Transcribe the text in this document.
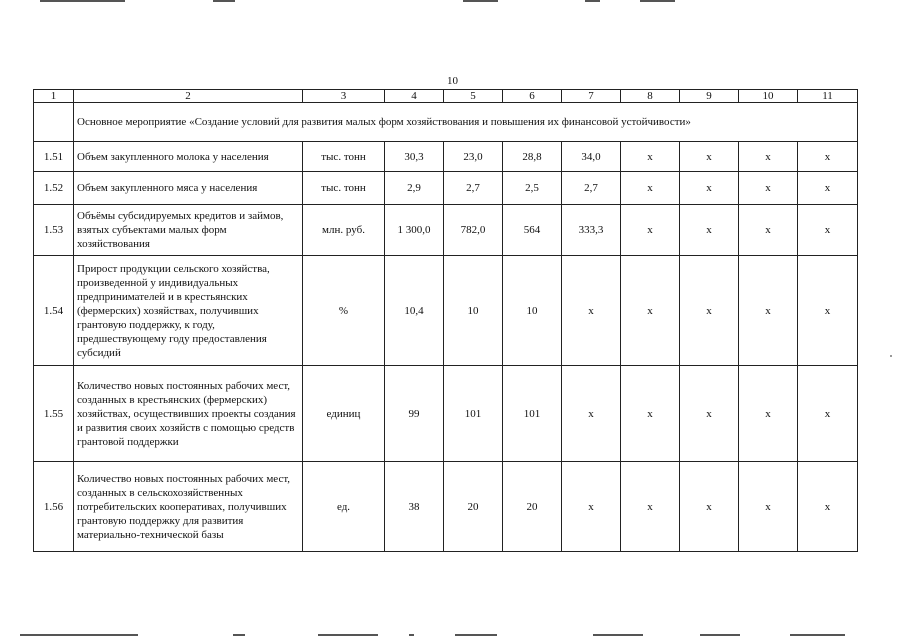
10
1	2	3	4	5	6	7	8	9	10	11
	Основное мероприятие «Создание условий для развития малых форм хозяйствования и повышения их финансовой устойчивости»									
1.51	Объем закупленного молока у населения	тыс. тонн	30,3	23,0	28,8	34,0	х	х	х	х
1.52	Объем закупленного мяса у населения	тыс. тонн	2,9	2,7	2,5	2,7	х	х	х	х
1.53	Объёмы субсидируемых кредитов и займов, взятых субъектами малых форм хозяйствования	млн. руб.	1 300,0	782,0	564	333,3	х	х	х	х
1.54	Прирост продукции сельского хозяйства, произведенной у индивидуальных предпринимателей и в крестьянских (фермерских) хозяйствах, получивших грантовую поддержку, к году, предшествующему году предоставления субсидий	%	10,4	10	10	х	х	х	х	х
1.55	Количество новых постоянных рабочих мест, созданных в крестьянских (фермерских) хозяйствах, осуществивших проекты создания и развития своих хозяйств с помощью средств грантовой поддержки	единиц	99	101	101	х	х	х	х	х
1.56	Количество новых постоянных рабочих мест, созданных в сельскохозяйственных потребительских кооперативах, получивших грантовую поддержку для развития материально-технической базы	ед.	38	20	20	х	х	х	х	х
